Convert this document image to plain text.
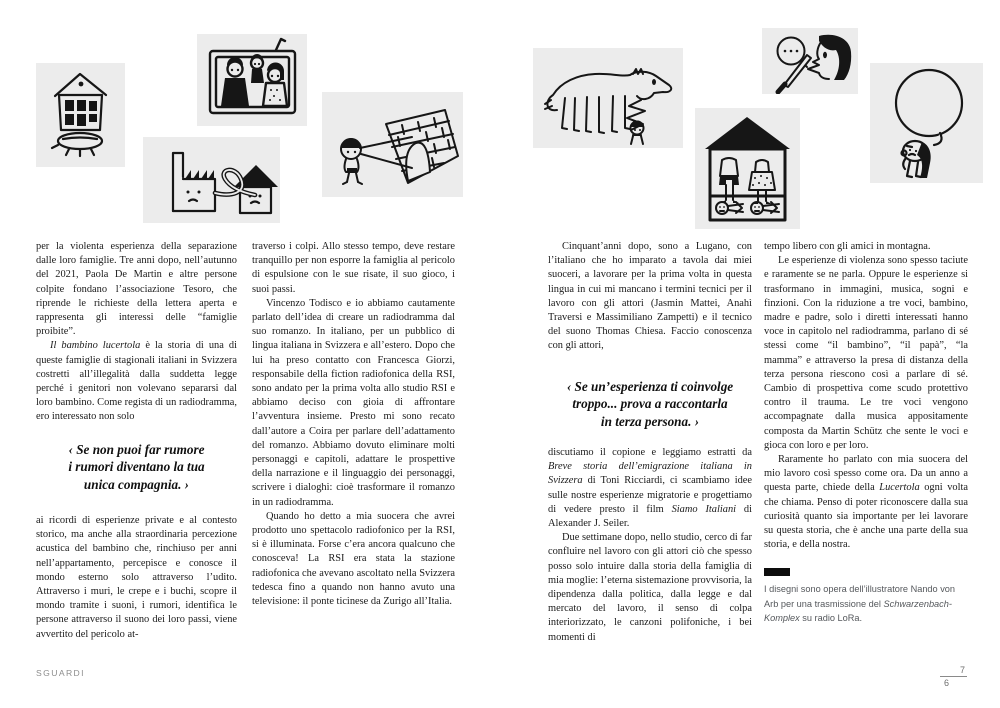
per la violenta esperienza della separazione dalle loro famiglie. Tre anni dopo, nell’autunno del 2021, Paola De Martin e altre persone colpite fondano l’associazione Tesoro, che riprende le richieste della lettera aperta e rappresenta gli interessi delle “famiglie proibite”.

Il bambino lucertola è la storia di una di queste famiglie di stagionali italiani in Svizzera costretti all’illegalità dalla suddetta legge perché i genitori non volevano separarsi dal loro bambino. Come regista di un radiodramma, ero interessato non solo

‹ Se non puoi far rumore
i rumori diventano la tua
unica compagnia. ›

ai ricordi di esperienze private e al contesto storico, ma anche alla straordinaria percezione acustica del bambino che, rinchiuso per anni nell’appartamento, percepisce e conosce il mondo esterno solo attraverso l’udito. Attraverso i muri, le crepe e i buchi, scopre il mondo tramite i suoni, i rumori, identifica le persone attraverso il suono dei loro passi, viene avvertito del pericolo at-

traverso i colpi. Allo stesso tempo, deve restare tranquillo per non esporre la famiglia al pericolo di espulsione con le sue risate, il suo gioco, i suoi passi.

Vincenzo Todisco e io abbiamo cautamente parlato dell’idea di creare un radiodramma dal suo romanzo. In italiano, per un pubblico di lingua italiana in Svizzera e all’estero. Dopo che lui ha preso contatto con Francesca Giorzi, responsabile della fiction radiofonica della RSI, sono andato per la prima volta allo studio RSI e abbiamo deciso con gioia di affrontare l’avventura insieme. Presto mi sono recato dall’autore a Coira per parlare dell’adattamento del romanzo. Abbiamo dovuto eliminare molti personaggi e capitoli, adattare le prospettive della narrazione e il linguaggio dei personaggi, scrivere i dialoghi: cioè trasformare il romanzo in un radiodramma.

Quando ho detto a mia suocera che avrei prodotto uno spettacolo radiofonico per la RSI, si è illuminata. Forse c’era ancora qualcuno che conosceva! La RSI era stata la stazione radiofonica che avevano ascoltato nella Svizzera tedesca fino a quando non hanno avuto una televisione: il ponte ticinese da Zurigo all’Italia.

Cinquant’anni dopo, sono a Lugano, con l’italiano che ho imparato a tavola dai miei suoceri, a lavorare per la prima volta in questa lingua in cui mi mancano i termini tecnici per il lavoro con gli attori (Jasmin Mattei, Anahì Traversi e Massimiliano Zampetti) e il tecnico del suono Thomas Chiesa. Faccio conoscenza con gli attori,

‹ Se un’esperienza ti coinvolge
troppo... prova a raccontarla
in terza persona. ›

discutiamo il copione e leggiamo estratti da Breve storia dell’emigrazione italiana in Svizzera di Toni Ricciardi, ci scambiamo idee sulle nostre esperienze migratorie e progettiamo di vedere presto il film Siamo Italiani di Alexander J. Seiler.

Due settimane dopo, nello studio, cerco di far confluire nel lavoro con gli attori ciò che spesso posso solo intuire dalla storia della famiglia di mia moglie: l’eterna sistemazione provvisoria, la dipendenza dalla politica, dalla legge e dal mercato del lavoro, il senso di colpa interiorizzato, le canzoni polifoniche, i bei momenti di

tempo libero con gli amici in montagna.

Le esperienze di violenza sono spesso taciute e raramente se ne parla. Oppure le esperienze si trasformano in immagini, musica, sogni e finzioni. Con la riduzione a tre voci, bambino, madre e padre, solo i diretti interessati hanno voce in capitolo nel radiodramma, parlano di sé stessi come “il bambino”, “il papà”, “la mamma” e attraverso la presa di distanza della terza persona riescono così a parlare di sé. Cambio di prospettiva come scudo protettivo contro il trauma. Le tre voci vengono accompagnate dalla musica appositamente composta da Martin Schütz che sente le voci e gioca con loro e per loro.

Raramente ho parlato con mia suocera del mio lavoro così spesso come ora. Da un anno a questa parte, chiede della Lucertola ogni volta che chiama. Penso di poter riconoscere dalla sua curiosità quanto sia importante per lei lavorare su questa storia, che è anche una parte della sua storia, e della nostra.

I disegni sono opera dell’illustratore Nando von Arb per una trasmissione del Schwarzenbach-Komplex su radio LoRa.

SGUARDI	7
6
